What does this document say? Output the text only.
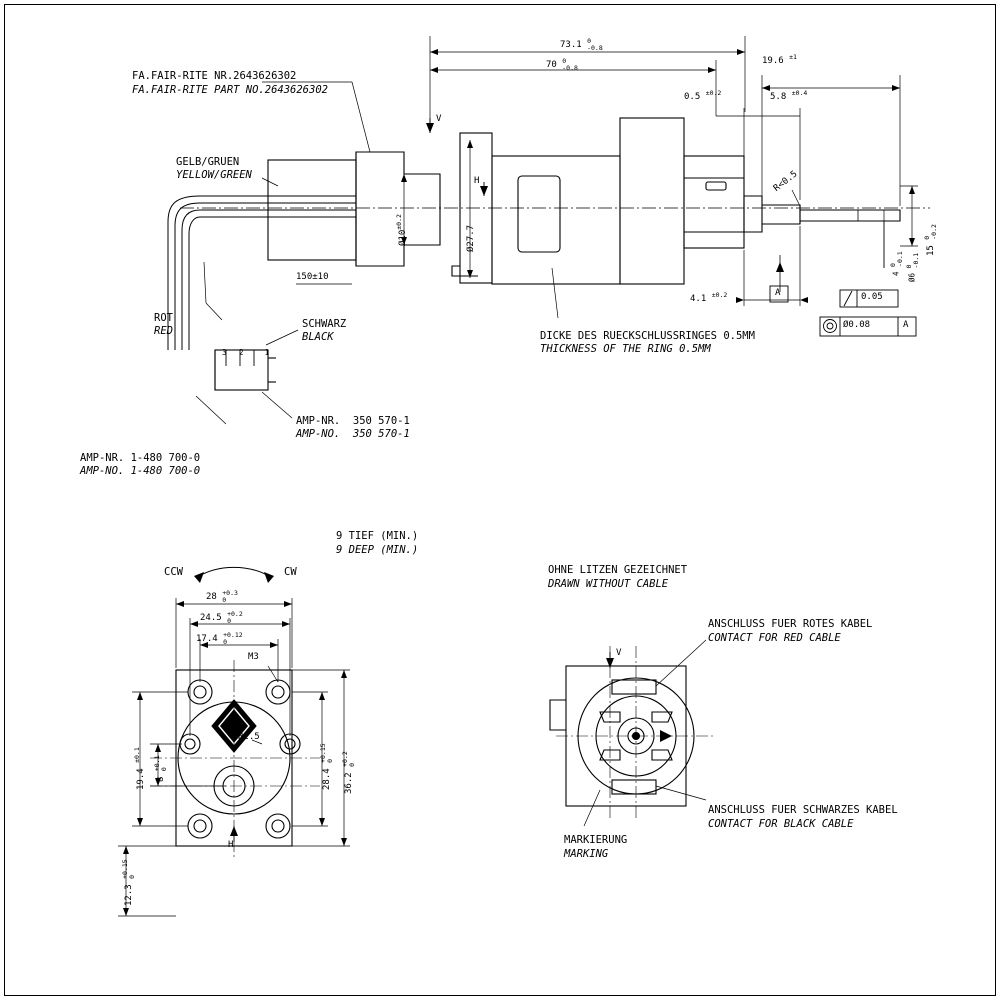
FA.FAIR-RITE NR.2643626302
FA.FAIR-RITE PART NO.2643626302
GELB/GRUEN
YELLOW/GREEN
ROT
RED
SCHWARZ
BLACK
150±10
3 2  1
AMP-NR.  350 570-1
AMP-NO.  350 570-1
AMP-NR. 1-480 700-0
AMP-NO. 1-480 700-0
DICKE DES RUECKSCHLUSSRINGES 0.5MM
THICKNESS OF THE RING 0.5MM
73.1 0
-0.8
70 0
-0.8
19.6 $^{\pm 1}$
0.5 $^{\pm 0.2}$	5.8 $^{\pm 0.4}$
4.1 $^{\pm 0.2}$
$Ø10^{\pm 0.2}$
Ø27.7	15 0
-0.2
4 0
-0.1
Ø6 0
-0.1
R<0.5
V
H
A	0.05
Ø0.08	A
9 TIEF (MIN.)
9 DEEP (MIN.)
CCW	CW
M3
R2.5
H
28 +0.3
0
24.5 +0.2
0
17.4 +0.12
0
19.4 $^{\pm 0.1}$
8 +0.1
0	28.4 +0.15
0
36.2 +0.2
0
12.3 +0.15
0
OHNE LITZEN GEZEICHNET
DRAWN WITHOUT CABLE
ANSCHLUSS FUER ROTES KABEL
CONTACT FOR RED CABLE
ANSCHLUSS FUER SCHWARZES KABEL
CONTACT FOR BLACK CABLE
MARKIERUNG
MARKING
V
